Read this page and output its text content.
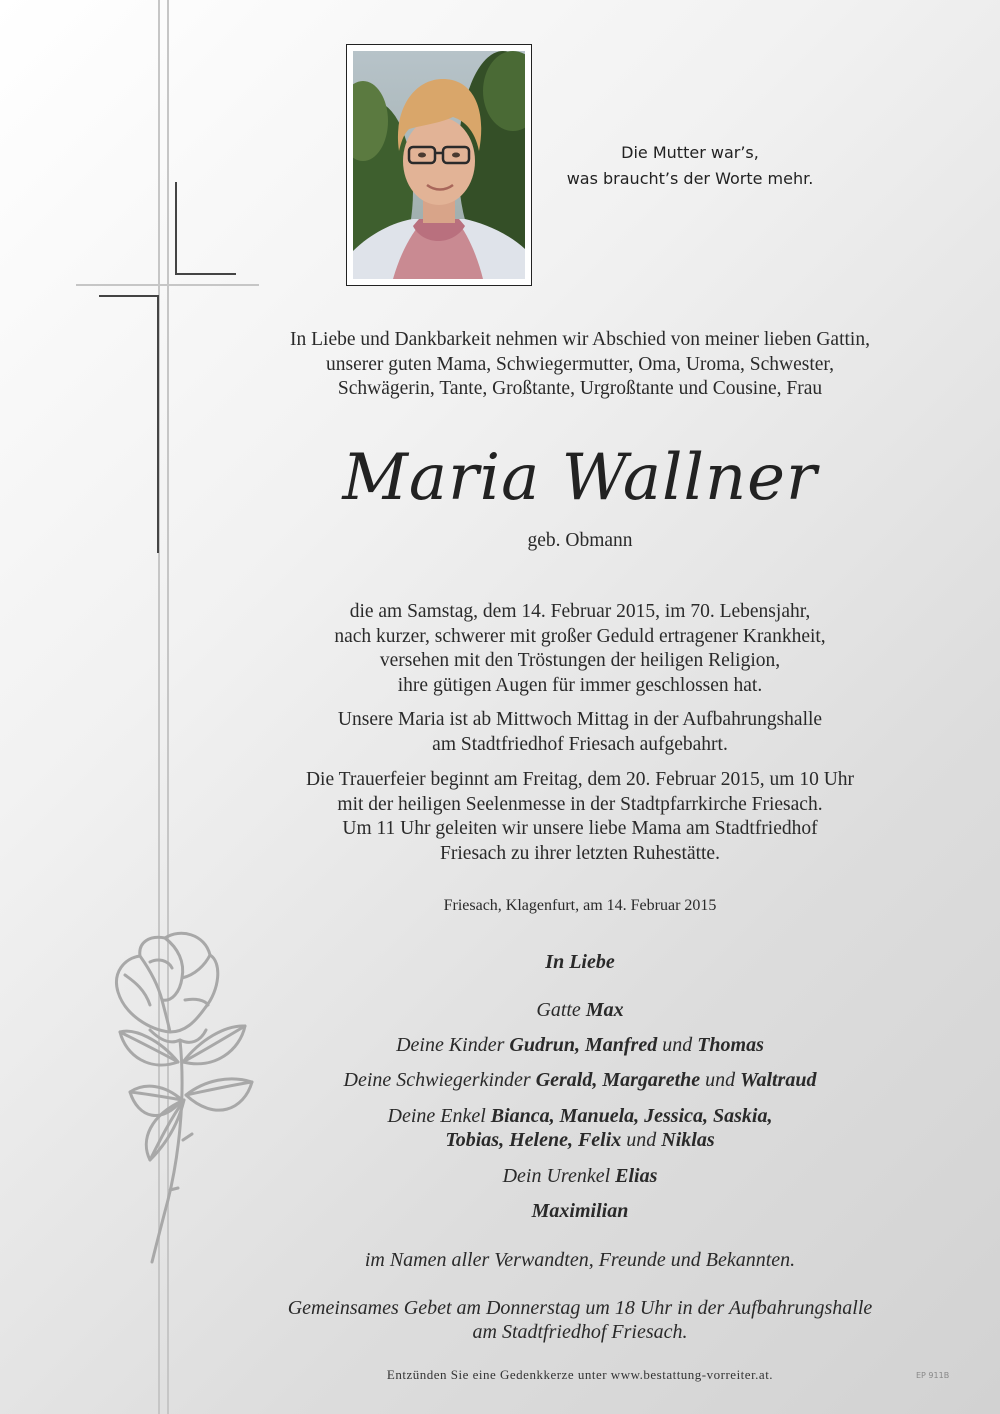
Die Mutter war’s,
was braucht’s der Worte mehr.
In Liebe und Dankbarkeit nehmen wir Abschied von meiner lieben Gattin,
unserer guten Mama, Schwiegermutter, Oma, Uroma, Schwester,
Schwägerin, Tante, Großtante, Urgroßtante und Cousine, Frau
Maria Wallner
geb. Obmann
die am Samstag, dem 14. Februar 2015, im 70. Lebensjahr,
nach kurzer, schwerer mit großer Geduld ertragener Krankheit,
versehen mit den Tröstungen der heiligen Religion,
ihre gütigen Augen für immer geschlossen hat.
Unsere Maria ist ab Mittwoch Mittag in der Aufbahrungshalle
am Stadtfriedhof Friesach aufgebahrt.
Die Trauerfeier beginnt am Freitag, dem 20. Februar 2015, um 10 Uhr
mit der heiligen Seelenmesse in der Stadtpfarrkirche Friesach.
Um 11 Uhr geleiten wir unsere liebe Mama am Stadtfriedhof
Friesach zu ihrer letzten Ruhestätte.
Friesach, Klagenfurt, am 14. Februar 2015
In Liebe
Gatte Max
Deine Kinder Gudrun, Manfred und Thomas
Deine Schwiegerkinder Gerald, Margarethe und Waltraud
Deine Enkel Bianca, Manuela, Jessica, Saskia,
Tobias, Helene, Felix und Niklas
Dein Urenkel Elias
Maximilian
im Namen aller Verwandten, Freunde und Bekannten.
Gemeinsames Gebet am Donnerstag um 18 Uhr in der Aufbahrungshalle
am Stadtfriedhof Friesach.
Entzünden Sie eine Gedenkkerze unter www.bestattung-vorreiter.at.	EP 911B
